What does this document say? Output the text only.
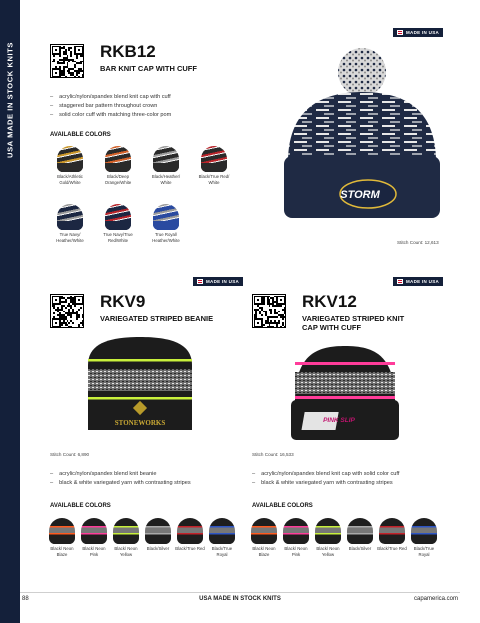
USA MADE IN STOCK KNITS
MADE IN USA
RKB12
BAR KNIT CAP WITH CUFF
– acrylic/nylon/spandex blend knit cap with cuff
– staggered bar pattern throughout crown
– solid color cuff with matching three-color pom
AVAILABLE COLORS
Black/Athletic Gold/White
Black/Deep Orange/White
Black/Heather/ White
Black/True Red/ White
True Navy/ Heather/White
True Navy/True Red/White
True Royal/ Heather/White
STORM
Stitch Count: 12,613
MADE IN USA
RKV9
VARIEGATED STRIPED BEANIE
STONEWORKS
Stitch Count: 6,890
– acrylic/nylon/spandex blend knit beanie
– black & white variegated yarn with contrasting stripes
AVAILABLE COLORS
Black/ Neon Blaze
Black/ Neon Pink
Black/ Neon Yellow
Black/Silver	Black/True Red	Black/True Royal
MADE IN USA
RKV12
VARIEGATED STRIPED KNIT
CAP WITH CUFF
PINK SLIP
Stitch Count: 16,533
– acrylic/nylon/spandex blend knit cap with solid color cuff
– black & white variegated yarn with contrasting stripes
AVAILABLE COLORS
Black/ Neon Blaze
Black/ Neon Pink
Black/ Neon Yellow
Black/Silver	Black/True Red	Black/True Royal
88	USA MADE IN STOCK KNITS	capamerica.com
